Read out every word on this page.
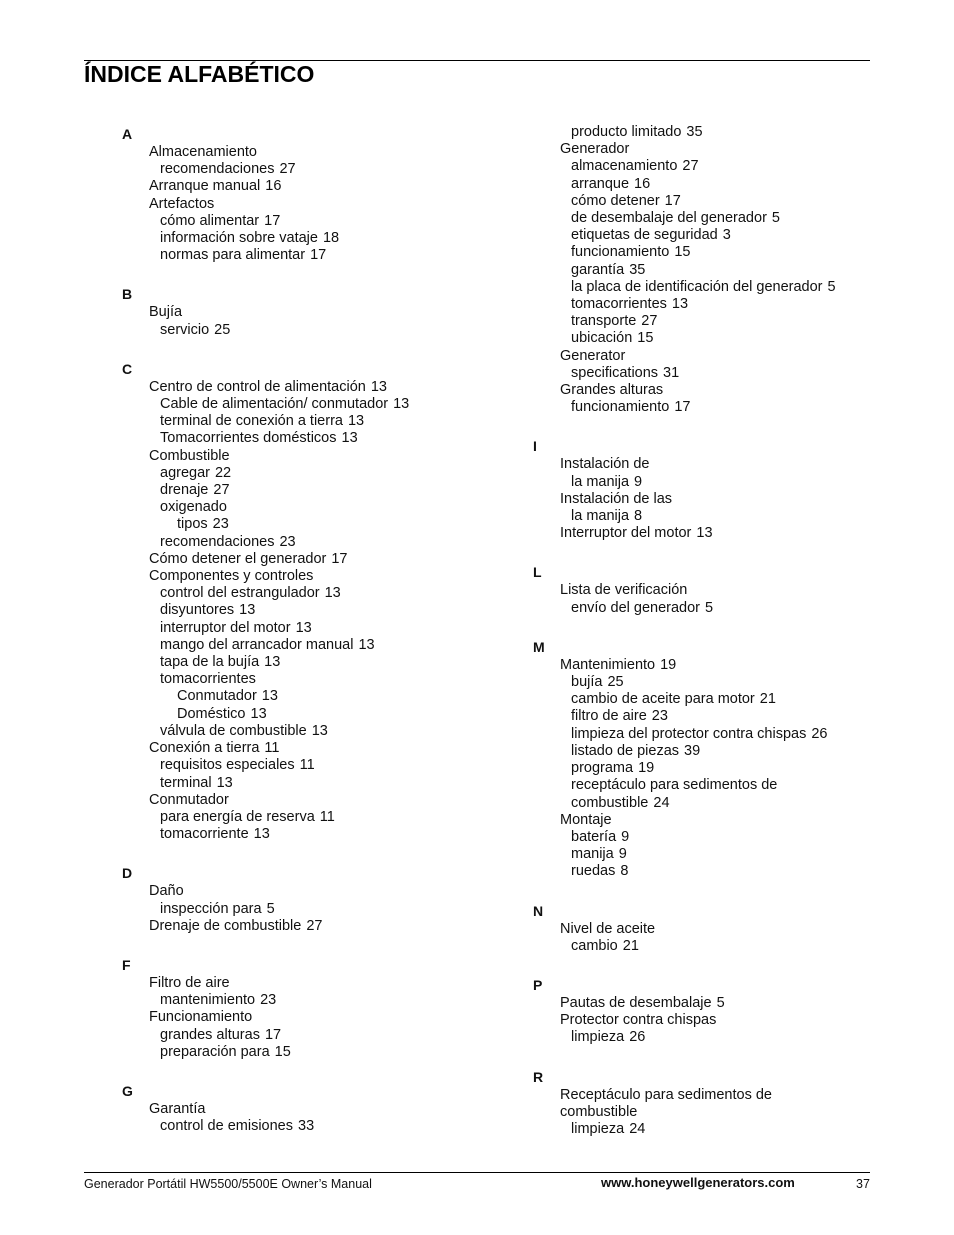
ÍNDICE ALFABÉTICO
A
Almacenamiento
recomendaciones 27
Arranque manual 16
Artefactos
cómo alimentar 17
información sobre vatajе 18
normas para alimentar 17
B
Bujía
servicio 25
C
Centro de control de alimentación 13
Cable de alimentación/ conmutador 13
terminal de conexión a tierra 13
Tomacorrientes domésticos 13
Combustible
agregar 22
drenaje 27
oxigenado
tipos 23
recomendaciones 23
Cómo detener el generador 17
Componentes y controles
control del estrangulador 13
disyuntores 13
interruptor del motor 13
mango del arrancador manual 13
tapa de la bujía 13
tomacorrientes
Conmutador 13
Doméstico 13
válvula de combustible 13
Conexión a tierra 11
requisitos especiales 11
terminal 13
Conmutador
para energía de reserva 11
tomacorriente 13
D
Daño
inspección para 5
Drenaje de combustible 27
F
Filtro de aire
mantenimiento 23
Funcionamiento
grandes alturas 17
preparación para 15
G
Garantía
control de emisiones 33
producto limitado 35
Generador
almacenamiento 27
arranque 16
cómo detener 17
de desembalaje del generador 5
etiquetas de seguridad 3
funcionamiento 15
garantía 35
la placa de identificación del generador 5
tomacorrientes 13
transporte 27
ubicación 15
Generator
specifications 31
Grandes alturas
funcionamiento 17
I
Instalación de
la manija 9
Instalación de las
la manija 8
Interruptor del motor 13
L
Lista de verificación
envío del generador 5
M
Mantenimiento 19
bujía 25
cambio de aceite para motor 21
filtro de aire 23
limpieza del protector contra chispas 26
listado de piezas 39
programa 19
receptáculo para sedimentos de
combustible 24
Montaje
batería 9
manija 9
ruedas 8
N
Nivel de aceite
cambio 21
P
Pautas de desembalaje 5
Protector contra chispas
limpieza 26
R
Receptáculo para sedimentos de
combustible
limpieza 24
Generador Portátil HW5500/5500E Owner’s Manual	www.honeywellgenerators.com	37
